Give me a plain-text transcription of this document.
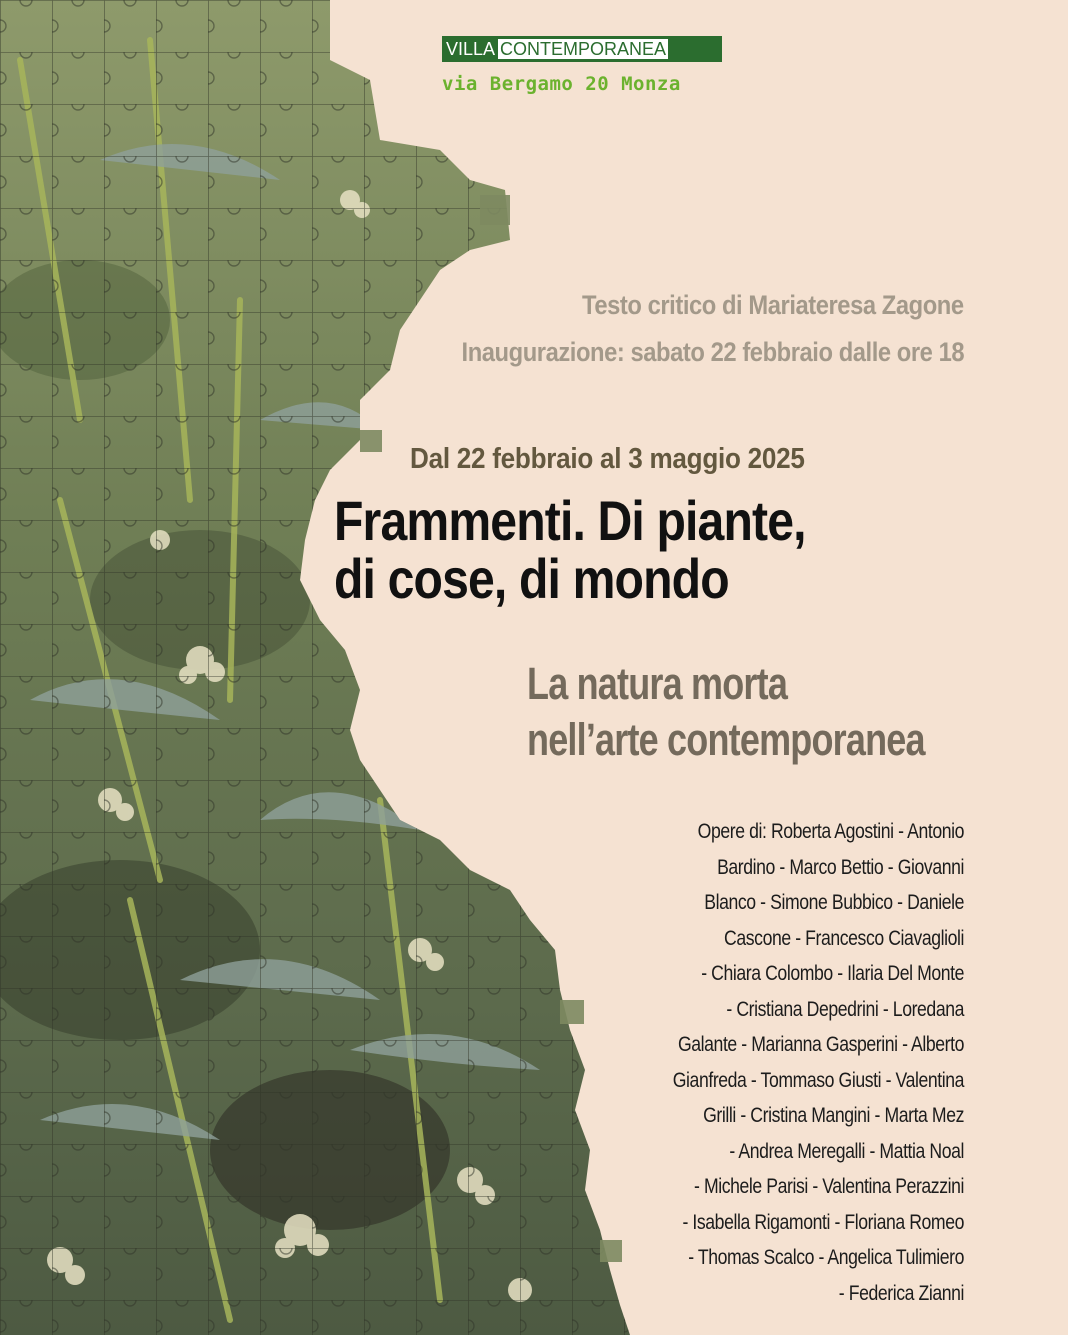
VILLA CONTEMPORANEA
via Bergamo 20 Monza
Testo critico di Mariateresa Zagone
Inaugurazione: sabato 22 febbraio dalle ore 18
Dal 22 febbraio al 3 maggio 2025
Frammenti. Di piante,
di cose, di mondo
La natura morta
nell’arte contemporanea
Opere di: Roberta Agostini - Antonio
Bardino - Marco Bettio - Giovanni
Blanco - Simone Bubbico - Daniele
Cascone - Francesco Ciavaglioli
- Chiara Colombo - Ilaria Del Monte
- Cristiana Depedrini - Loredana
Galante - Marianna Gasperini - Alberto
Gianfreda - Tommaso Giusti - Valentina
Grilli - Cristina Mangini - Marta Mez
- Andrea Meregalli - Mattia Noal
- Michele Parisi - Valentina Perazzini
- Isabella Rigamonti - Floriana Romeo
- Thomas Scalco - Angelica Tulimiero
- Federica Zianni
